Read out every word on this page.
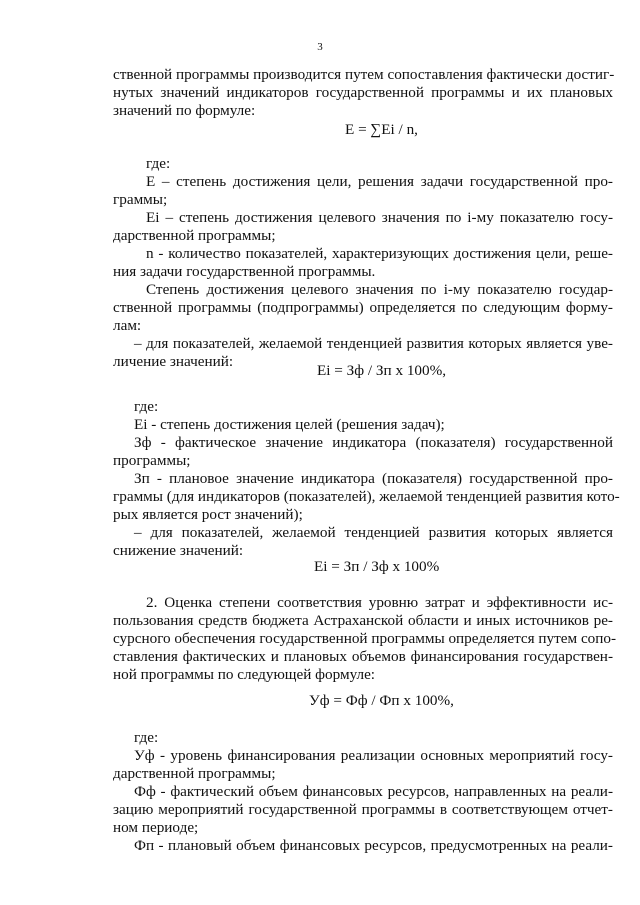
3
ственной программы производится путем сопоставления фактически достиг-
нутых значений индикаторов государственной программы и их плановых
значений по формуле:
Е = ∑Еi / n,
где:
Е – степень достижения цели, решения задачи государственной про-
граммы;
Еi – степень достижения целевого значения по i-му показателю госу-
дарственной программы;
n - количество показателей, характеризующих достижения цели, реше-
ния задачи государственной программы.
Степень достижения целевого значения по i-му показателю государ-
ственной программы (подпрограммы) определяется по следующим форму-
лам:
– для показателей, желаемой тенденцией развития которых является уве-
личение значений:
Еi = Зф / Зп х 100%,
где:
Еi - степень достижения целей (решения задач);
Зф - фактическое значение индикатора (показателя) государственной
программы;
Зп - плановое значение индикатора (показателя) государственной про-
граммы (для индикаторов (показателей), желаемой тенденцией развития кото-
рых является рост значений);
– для показателей, желаемой тенденцией развития которых является
снижение значений:
Еi = Зп / Зф х 100%
2. Оценка степени соответствия уровню затрат и эффективности ис-
пользования средств бюджета Астраханской области и иных источников ре-
сурсного обеспечения государственной программы определяется путем сопо-
ставления фактических и плановых объемов финансирования государствен-
ной программы по следующей формуле:
Уф = Фф / Фп х 100%,
где:
Уф - уровень финансирования реализации основных мероприятий госу-
дарственной программы;
Фф - фактический объем финансовых ресурсов, направленных на реали-
зацию мероприятий государственной программы в соответствующем отчет-
ном периоде;
Фп - плановый объем финансовых ресурсов, предусмотренных на реали-
